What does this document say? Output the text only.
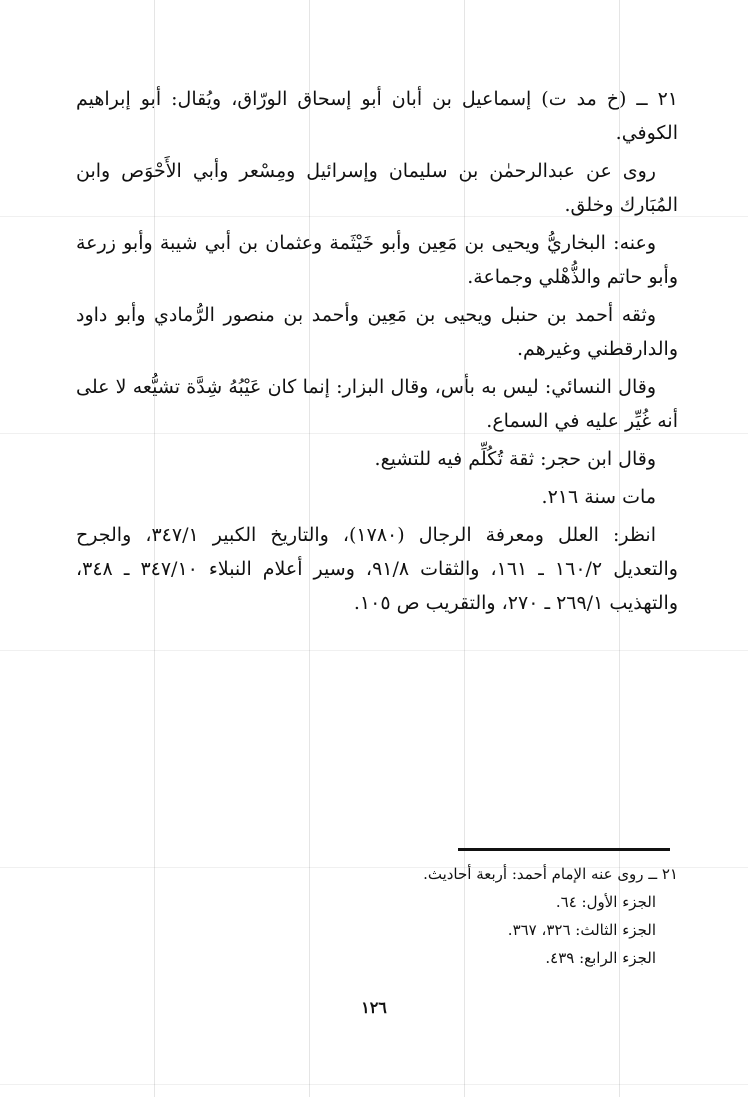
٢١ ــ (خ مد ت) إسماعيل بن أبان أبو إسحاق الورّاق، ويُقال: أبو إبراهيم الكوفي.

روى عن عبدالرحمٰن بن سليمان وإسرائيل ومِسْعر وأبي الأَحْوَص وابن المُبَارك وخلق.

وعنه: البخاريُّ ويحيى بن مَعِين وأبو خَيْثَمة وعثمان بن أبي شيبة وأبو زرعة وأبو حاتم والذُّهْلي وجماعة.

وثقه أحمد بن حنبل ويحيى بن مَعِين وأحمد بن منصور الرُّمادي وأبو داود والدارقطني وغيرهم.

وقال النسائي: ليس به بأس، وقال البزار: إنما كان عَيْبُهُ شِدَّة تشيُّعه لا على أنه غُيِّر عليه في السماع.

وقال ابن حجر: ثقة تُكُلِّم فيه للتشيع.

مات سنة ٢١٦.

انظر: العلل ومعرفة الرجال (١٧٨٠)، والتاريخ الكبير ٣٤٧/١، والجرح والتعديل ١٦٠/٢ ـ ١٦١، والثقات ٩١/٨، وسير أعلام النبلاء ٣٤٧/١٠ ـ ٣٤٨، والتهذيب ٢٦٩/١ ـ ٢٧٠، والتقريب ص ١٠٥.

٢١ ــ روى عنه الإمام أحمد: أربعة أحاديث.

الجزء الأول: ٦٤.

الجزء الثالث: ٣٢٦، ٣٦٧.

الجزء الرابع: ٤٣٩.

١٢٦
